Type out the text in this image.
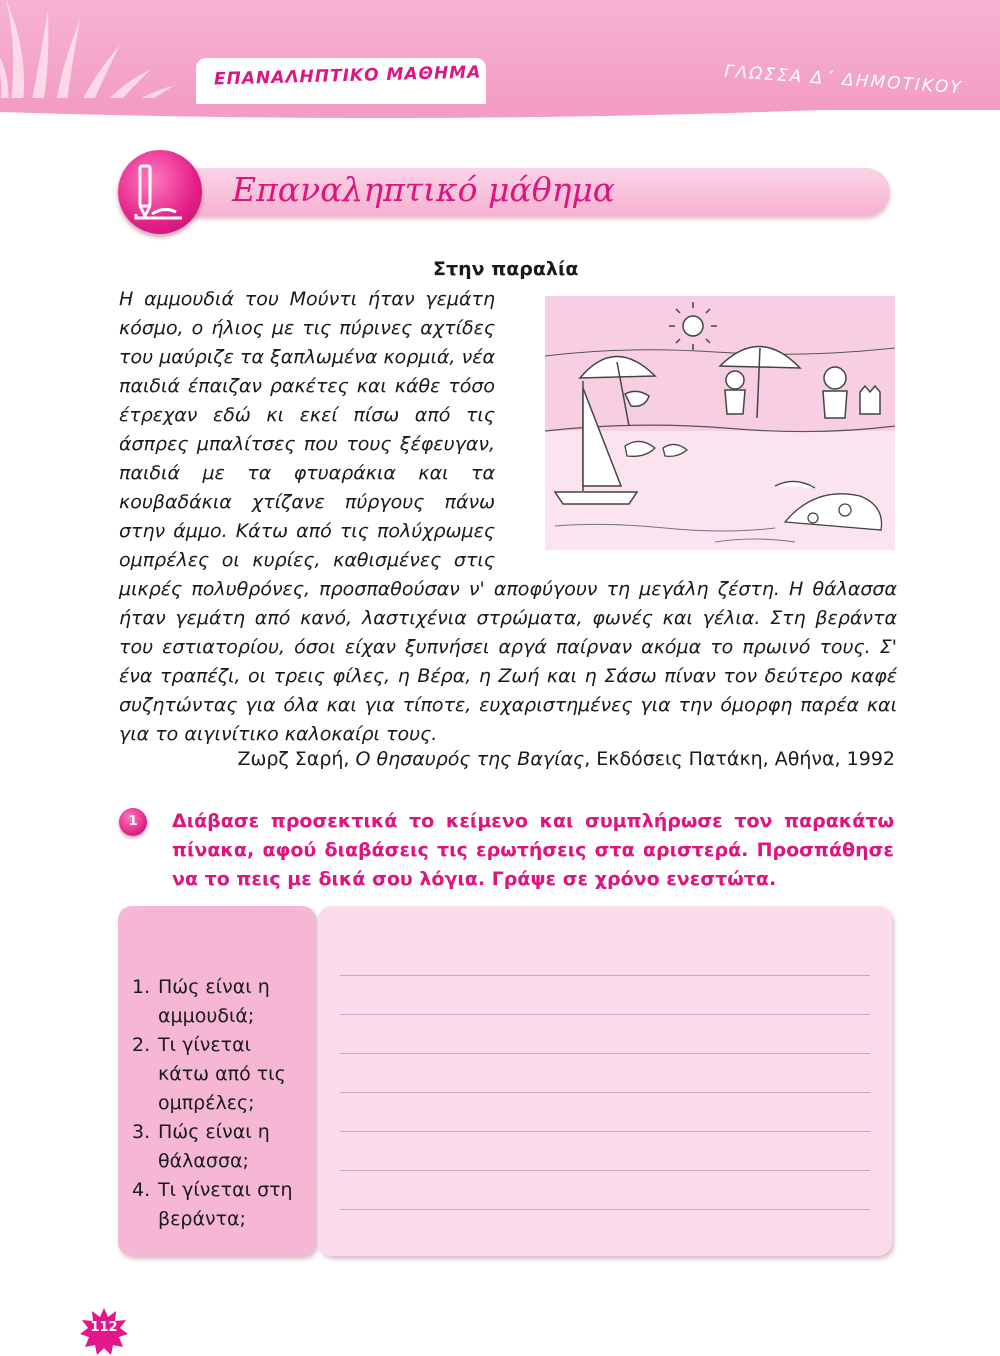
ΕΠΑΝΑΛΗΠΤΙΚΟ ΜΑΘΗΜΑ	ΓΛΩΣΣΑ Δ΄ ΔΗΜΟΤΙΚΟΥ
Επαναληπτικό μάθημα
Στην παραλία
Η αμμουδιά του Μούντι ήταν γεμάτη κόσμο, ο ήλιος με τις πύρινες αχτίδες του μαύριζε τα ξαπλωμένα κορμιά, νέα παιδιά έπαιζαν ρακέτες και κάθε τόσο έτρεχαν εδώ κι εκεί πίσω από τις άσπρες μπαλίτσες που τους ξέφευγαν, παιδιά με τα φτυαράκια και τα κουβαδάκια χτίζανε πύργους πάνω στην άμμο. Κάτω από τις πολύχρωμες ομπρέλες οι κυρίες, καθισμένες στις μικρές πολυθρόνες, προσπαθούσαν ν' αποφύγουν τη μεγάλη ζέστη. Η θάλασσα ήταν γεμάτη από κανό, λαστιχένια στρώματα, φωνές και γέλια. Στη βεράντα του εστιατορίου, όσοι είχαν ξυπνήσει αργά παίρναν ακόμα το πρωινό τους. Σ' ένα τραπέζι, οι τρεις φίλες, η Βέρα, η Ζωή και η Σάσω πίναν τον δεύτερο καφέ συζητώντας για όλα και για τίποτε, ευχαριστημένες για την όμορφη παρέα και για το αιγινίτικο καλοκαίρι τους.
Ζωρζ Σαρή, Ο θησαυρός της Βαγίας, Εκδόσεις Πατάκη, Αθήνα, 1992
1	Διάβασε προσεκτικά το κείμενο και συμπλήρωσε τον παρακάτω πίνακα, αφού διαβάσεις τις ερωτήσεις στα αριστερά. Προσπάθησε να το πεις με δικά σου λόγια. Γράψε σε χρόνο ενεστώτα.
1. Πώς είναι η αμμουδιά;
2. Τι γίνεται κάτω από τις ομπρέλες;
3. Πώς είναι η θάλασσα;
4. Τι γίνεται στη βεράντα;
112
